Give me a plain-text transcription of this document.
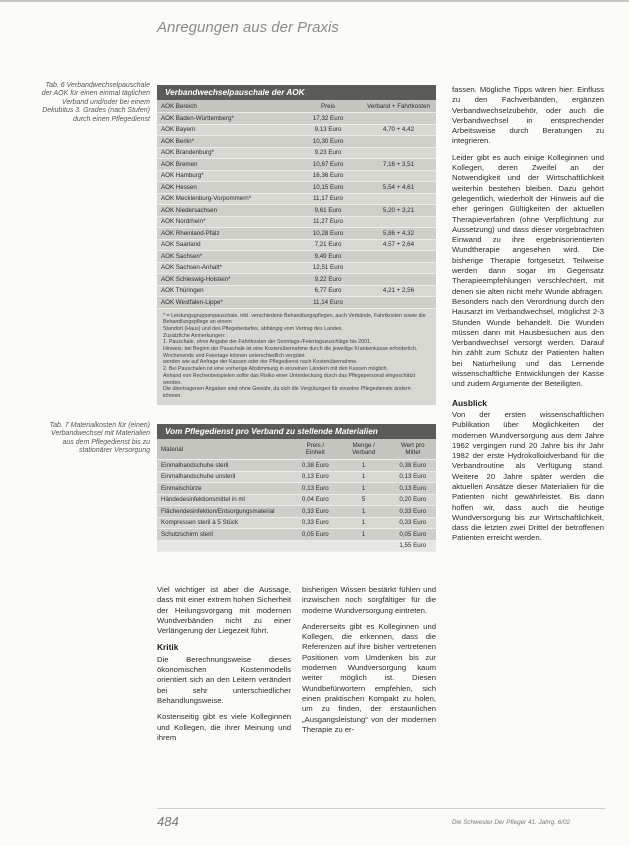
Anregungen aus der Praxis
Tab. 6 Verbandwechselpauschale der AOK für einen einmal täglichen Verband und/oder bei einem Dekubitus 3. Grades (nach Stufen) durch einen Pflegedienst
Verbandwechselpauschale der AOK
AOK Bereich	Preis	Verband + Fahrtkosten
AOK Baden-Württemberg*	17,32 Euro	
AOK Bayern	9,13 Euro	4,70 + 4,42
AOK Berlin*	10,30 Euro	
AOK Brandenburg*	9,23 Euro	
AOK Bremen	10,67 Euro	7,16 + 3,51
AOK Hamburg*	16,36 Euro	
AOK Hessen	10,15 Euro	5,54 + 4,61
AOK Mecklenburg-Vorpommern*	11,17 Euro	
AOK Niedersachsen	9,61 Euro	5,20 + 3,21
AOK Nordrhein*	11,27 Euro	
AOK Rheinland-Pfalz	10,28 Euro	5,86 + 4,32
AOK Saarland	7,21 Euro	4,57 + 2,64
AOK Sachsen*	9,49 Euro	
AOK Sachsen-Anhalt*	12,51 Euro	
AOK Schleswig-Holstein*	9,22 Euro	
AOK Thüringen	6,77 Euro	4,21 + 2,56
AOK Westfalen-Lippe*	11,14 Euro	
* = Leistungsgruppenpauschale, inkl. verschiedene Behandlungspflegen, auch Verbände, Fahrtkosten sowie die Behandlungspflege an einem
Standort (Haus) und des Pflegebedarfes, abhängig vom Vertrag des Landes.
Zusätzliche Anmerkungen:
1. Pauschale, ohne Angabe der Fahrtkosten der Sonntags-/Feiertagszuschläge bis 2001.
Hinweis: bei Beginn der Pauschale ist eine Kostenübernahme durch die jeweilige Krankenkasse erforderlich. Wochenende und Feiertage können unterschiedlich vergütet
werden wie auf Anfrage der Kassen oder der Pflegedienst nach Kostenübernahme.
2. Bei Pauschalen ist eine vorherige Abstimmung in einzelnen Ländern mit den Kassen möglich.
Anhand von Rechenbeispielen sollte das Risiko einer Unterdeckung durch das Pflegepersonal eingeschätzt werden.
Die übertragenen Angaben sind ohne Gewähr, da sich die Vergütungen für einzelne Pflegedienste ändern können.
Tab. 7 Materialkosten für (einen) Verbandwechsel mit Materialien aus dem Pflegedienst bis zu stationärer Versorgung
Vom Pflegedienst pro Verband zu stellende Materialien
Material	Preis / Einheit	Menge / Verband	Wert pro Mittel
Einmalhandschuhe steril	0,38 Euro	1	0,38 Euro
Einmalhandschuhe unsteril	0,13 Euro	1	0,13 Euro
Einmalschürze	0,13 Euro	1	0,13 Euro
Händedesinfektionsmittel in ml	0,04 Euro	5	0,20 Euro
Flächendesinfektion/Entsorgungsmaterial	0,33 Euro	1	0,33 Euro
Kompressen steril à 5 Stück	0,33 Euro	1	0,33 Euro
Schutzschirm steril	0,05 Euro	1	0,05 Euro
			1,55 Euro

Viel wichtiger ist aber die Aussage, dass mit einer extrem hohen Sicherheit der Heilungsvorgang mit modernen Wundverbänden nicht zu einer Verlängerung der Liegezeit führt.

Kritik

Die Berechnungsweise dieses ökonomischen Kostenmodells orientiert sich an den Leitern verändert bei sehr unterschiedlicher Behandlungsweise.

Kostenseitig gibt es viele Kolleginnen und Kollegen, die ihrer Meinung und ihrem

bisherigen Wissen bestärkt fühlen und inzwischen noch sorgfältiger für die moderne Wundversorgung eintreten.

Andererseits gibt es Kolleginnen und Kollegen, die erkennen, dass die Referenzen auf ihre bisher vertretenen Positionen vom Umdenken bis zur modernen Wundversorgung kaum weiter möglich ist. Diesen Wundbefürwortern empfehlen, sich einen praktischen Kompakt zu holen, um zu finden, der erstaunlichen „Ausgangsleistung“ von der modernen Therapie zu er-

fassen. Mögliche Tipps wären hier: Einfluss zu den Fachverbänden, ergänzen Verbandwechselzubehör, oder auch die Verbandwechsel in entsprechender Arbeitsweise durch Beratungen zu integrieren.

Leider gibt es auch einige Kolleginnen und Kollegen, deren Zweifel an der Notwendigkeit und der Wirtschaftlichkeit weiterhin bestehen bleiben. Dazu gehört gelegentlich, wiederholt der Hinweis auf die eher geringen Gültigkeiten der aktuellen Therapieverfahren (ohne Verpflichtung zur Aussetzung) und dass dieser vorgebrachten Einwand zu ihre ergebnisorientierten Wundtherapie angesehen wird. Die bisherige Therapie fortgesetzt. Teilweise werden dann sogar im Gegensatz Therapieempfehlungen verschlechtert, mit denen sie alten nicht mehr Wunde abfragen. Besonders nach den Verordnung durch den Hausarzt im Verbandwechsel, möglichst 2-3 Stunden Wunde behandelt. Die Wunden müssen dann mit Hausbesuchen aus den Verbandwechsel versorgt werden. Darauf hin zählt zum Schutz der Patienten halten bei Naturheilung und das Lernende wissenschaftliche Entwicklungen der Kasse und zudem Argumente der Beteiligten.

Ausblick

Von der ersten wissenschaftlichen Publikation über Möglichkeiten der modernen Wundversorgung aus dem Jahre 1962 vergingen rund 20 Jahre bis ihr Jahr 1982 der erste Hydrokolloidverband für die Verbandroutine als Verfügung stand. Weitere 20 Jahre später werden die aktuellen Ansätze dieser Materialien für die Patienten nicht gewährleistet. Bis dann hoffen wir, dass auch die heutige Wundversorgung bis zur Wirtschaftlichkeit, dass die letzten zwei Drittel der betroffenen Patienten erreicht werden.

484	Die Schwester Der Pfleger 41. Jahrg. 6/02
